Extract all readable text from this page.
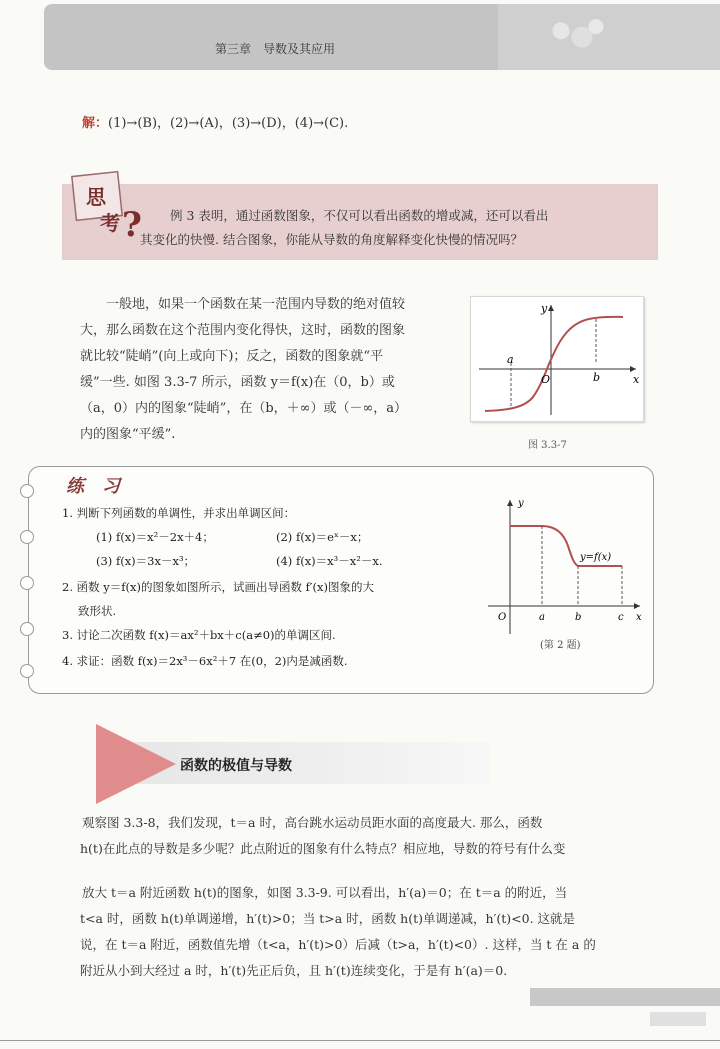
第三章　导数及其应用
解：(1)→(B)，(2)→(A)，(3)→(D)，(4)→(C).
思
考 ?	例 3 表明，通过函数图象，不仅可以看出函数的增或减，还可以看出
其变化的快慢. 结合图象，你能从导数的角度解释变化快慢的情况吗？
一般地，如果一个函数在某一范围内导数的绝对值较
大，那么函数在这个范围内变化得快，这时，函数的图象
就比较“陡峭”(向上或向下)；反之，函数的图象就“平
缓”一些. 如图 3.3-7 所示，函数 y＝f(x)在（0，b）或
（a，0）内的图象“陡峭”，在（b，＋∞）或（－∞，a）
内的图象“平缓”.
y
x
O
a
b
图 3.3-7
练　习
1. 判断下列函数的单调性，并求出单调区间：
(1) f(x)＝x²－2x＋4；	(2) f(x)＝eˣ－x；
(3) f(x)＝3x－x³；	(4) f(x)＝x³－x²－x.
2. 函数 y＝f(x)的图象如图所示，试画出导函数 f′(x)图象的大
致形状.
3. 讨论二次函数 f(x)＝ax²＋bx＋c(a≠0)的单调区间.
4. 求证：函数 f(x)＝2x³－6x²＋7 在(0，2)内是减函数.
y
y=f(x)
O	a	b	c x
(第 2 题)
函数的极值与导数
观察图 3.3-8，我们发现，t＝a 时，高台跳水运动员距水面的高度最大. 那么，函数
h(t)在此点的导数是多少呢？此点附近的图象有什么特点？相应地，导数的符号有什么变
放大 t＝a 附近函数 h(t)的图象，如图 3.3-9. 可以看出，h′(a)＝0；在 t＝a 的附近，当
t<a 时，函数 h(t)单调递增，h′(t)>0；当 t>a 时，函数 h(t)单调递减，h′(t)<0. 这就是
说，在 t＝a 附近，函数值先增（t<a，h′(t)>0）后减（t>a，h′(t)<0）. 这样，当 t 在 a 的
附近从小到大经过 a 时，h′(t)先正后负，且 h′(t)连续变化，于是有 h′(a)＝0.
